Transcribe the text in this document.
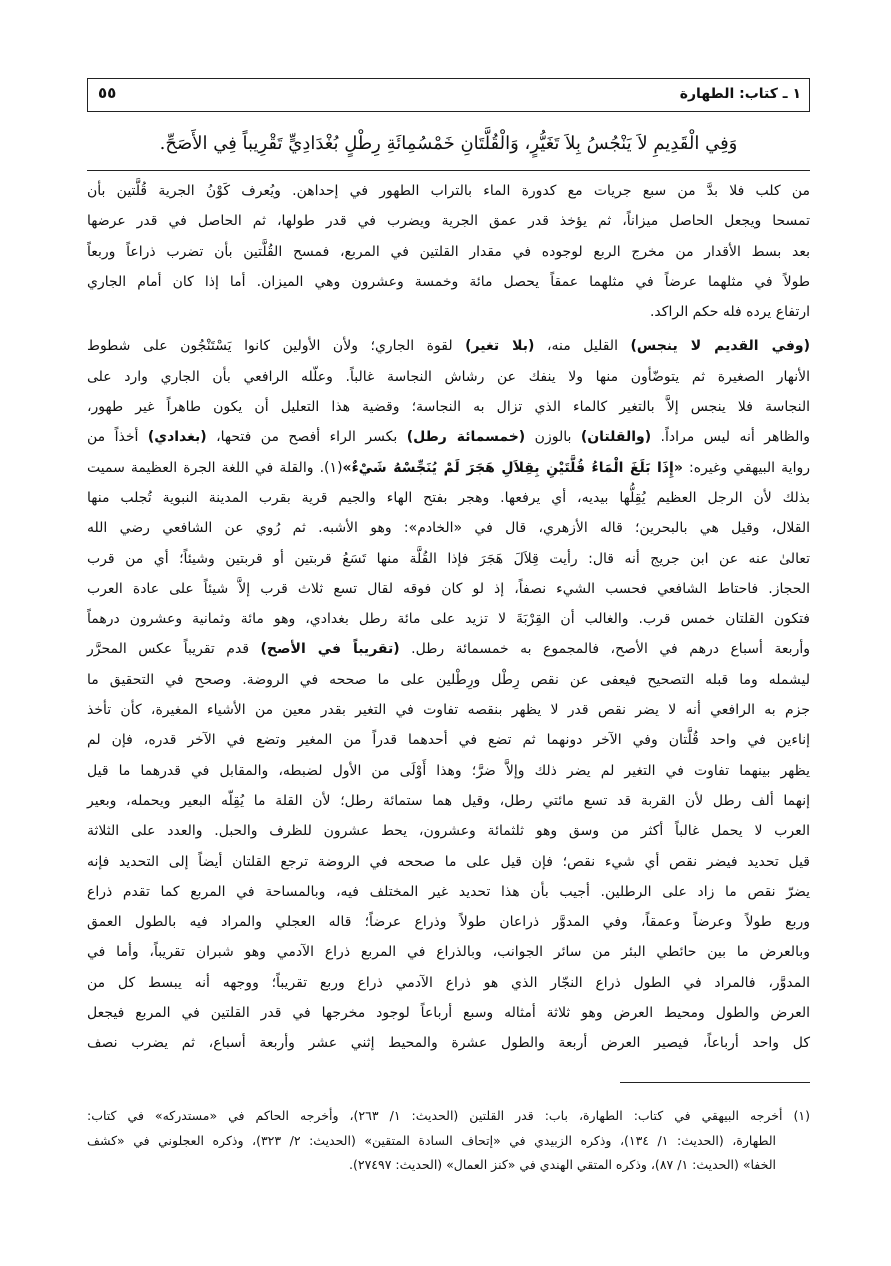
١ ـ كتاب: الطهارة
٥٥
وَفِي الْقَدِيمِ لاَ يَنْجُسُ بِلاَ تَغَيُّرٍ، وَالْقُلَّتَانِ خَمْسُمِائَةِ رِطْلٍ بُغْدَادِيٍّ تَقْرِيباً فِي الأَصَحِّ.
من كلب فلا بدَّ من سبع جريات مع كدورة الماء بالتراب الطهور في إحداهن. ويُعرف كَوْنُ الجرية قُلَّتين بأن
تمسحا ويجعل الحاصل ميزاناً، ثم يؤخذ قدر عمق الجرية ويضرب في قدر طولها، ثم الحاصل في قدر عرضها
بعد بسط الأقدار من مخرج الربع لوجوده في مقدار القلتين في المربع، فمسح القُلَّتين بأن تضرب ذراعاً وربعاً
طولاً في مثلهما عرضاً في مثلهما عمقاً يحصل مائة وخمسة وعشرون وهي الميزان. أما إذا كان أمام الجاري
ارتفاع يرده فله حكم الراكد.
(وفي القديم لا ينجس) القليل منه، (بلا تغير) لقوة الجاري؛ ولأن الأولين كانوا يَسْتَنْجُون على شطوط
الأنهار الصغيرة ثم يتوضّأون منها ولا ينفك عن رشاش النجاسة غالباً. وعلّله الرافعي بأن الجاري وارد على
النجاسة فلا ينجس إلاَّ بالتغير كالماء الذي تزال به النجاسة؛ وقضية هذا التعليل أن يكون طاهراً غير طهور،
والظاهر أنه ليس مراداً. (والقلتان) بالوزن (خمسمائة رطل) بكسر الراء أفصح من فتحها، (بغدادي) أخذاً من
رواية البيهقي وغيره: «إِذَا بَلَغَ الْمَاءُ قُلَّتَيْنِ بِقِلاَلِ هَجَرَ لَمْ يُنَجِّسْهُ شَيْءٌ»(١). والقلة في اللغة الجرة العظيمة سميت
بذلك لأن الرجل العظيم يُقِلُّها بيديه، أي يرفعها. وهجر بفتح الهاء والجيم قرية بقرب المدينة النبوية تُجلب منها
القلال، وقيل هي بالبحرين؛ قاله الأزهري، قال في «الخادم»: وهو الأشبه. ثم رُوي عن الشافعي رضي الله
تعالىٰ عنه عن ابن جريج أنه قال: رأيت قِلاَلَ هَجَرَ فإذا القُلَّة منها تَسَعُ قربتين أو قربتين وشيئاً؛ أي من قرب
الحجاز. فاحتاط الشافعي فحسب الشيء نصفاً، إذ لو كان فوقه لقال تسع ثلاث قرب إلاَّ شيئاً على عادة العرب
فتكون القلتان خمس قرب. والغالب أن القِرْبَةَ لا تزيد على مائة رطل بغدادي، وهو مائة وثمانية وعشرون درهماً
وأربعة أسباع درهم في الأصح، فالمجموع به خمسمائة رطل. (تقريباً في الأصح) قدم تقريباً عكس المحرَّر
ليشمله وما قبله التصحيح فيعفى عن نقص رِطْل ورِطْلين على ما صححه في الروضة. وصحح في التحقيق ما
جزم به الرافعي أنه لا يضر نقص قدر لا يظهر بنقصه تفاوت في التغير بقدر معين من الأشياء المغيرة، كأن تأخذ
إناءين في واحد قُلَّتان وفي الآخر دونهما ثم تضع في أحدهما قدراً من المغير وتضع في الآخر قدره، فإن لم
يظهر بينهما تفاوت في التغير لم يضر ذلك وإلاَّ ضرَّ؛ وهذا أَوْلَى من الأول لضبطه، والمقابل في قدرهما ما قيل
إنهما ألف رطل لأن القربة قد تسع مائتي رطل، وقيل هما ستمائة رطل؛ لأن القلة ما يُقِلّه البعير ويحمله، وبعير
العرب لا يحمل غالباً أكثر من وسق وهو ثلثمائة وعشرون، يحط عشرون للظرف والحبل. والعدد على الثلاثة
قيل تحديد فيضر نقص أي شيء نقص؛ فإن قيل على ما صححه في الروضة ترجع القلتان أيضاً إلى التحديد فإنه
يضرّ نقص ما زاد على الرطلين. أجيب بأن هذا تحديد غير المختلف فيه، وبالمساحة في المربع كما تقدم ذراع
وربع طولاً وعرضاً وعمقاً، وفي المدوَّر ذراعان طولاً وذراع عرضاً؛ قاله العجلي والمراد فيه بالطول العمق
وبالعرض ما بين حائطي البئر من سائر الجوانب، وبالذراع في المربع ذراع الآدمي وهو شبران تقريباً، وأما في
المدوَّر، فالمراد في الطول ذراع النجّار الذي هو ذراع الآدمي ذراع وربع تقريباً؛ ووجهه أنه يبسط كل من
العرض والطول ومحيط العرض وهو ثلاثة أمثاله وسبع أرباعاً لوجود مخرجها في قدر القلتين في المربع فيجعل
كل واحد أرباعاً، فيصير العرض أربعة والطول عشرة والمحيط إثني عشر وأربعة أسباع، ثم يضرب نصف
(١) أخرجه البيهقي في كتاب: الطهارة، باب: قدر القلتين (الحديث: ١/ ٢٦٣)، وأخرجه الحاكم في «مستدركه» في كتاب:
الطهارة، (الحديث: ١/ ١٣٤)، وذكره الزبيدي في «إتحاف السادة المتقين» (الحديث: ٢/ ٣٢٣)، وذكره العجلوني في «كشف
الخفا» (الحديث: ١/ ٨٧)، وذكره المتقي الهندي في «كنز العمال» (الحديث: ٢٧٤٩٧).
